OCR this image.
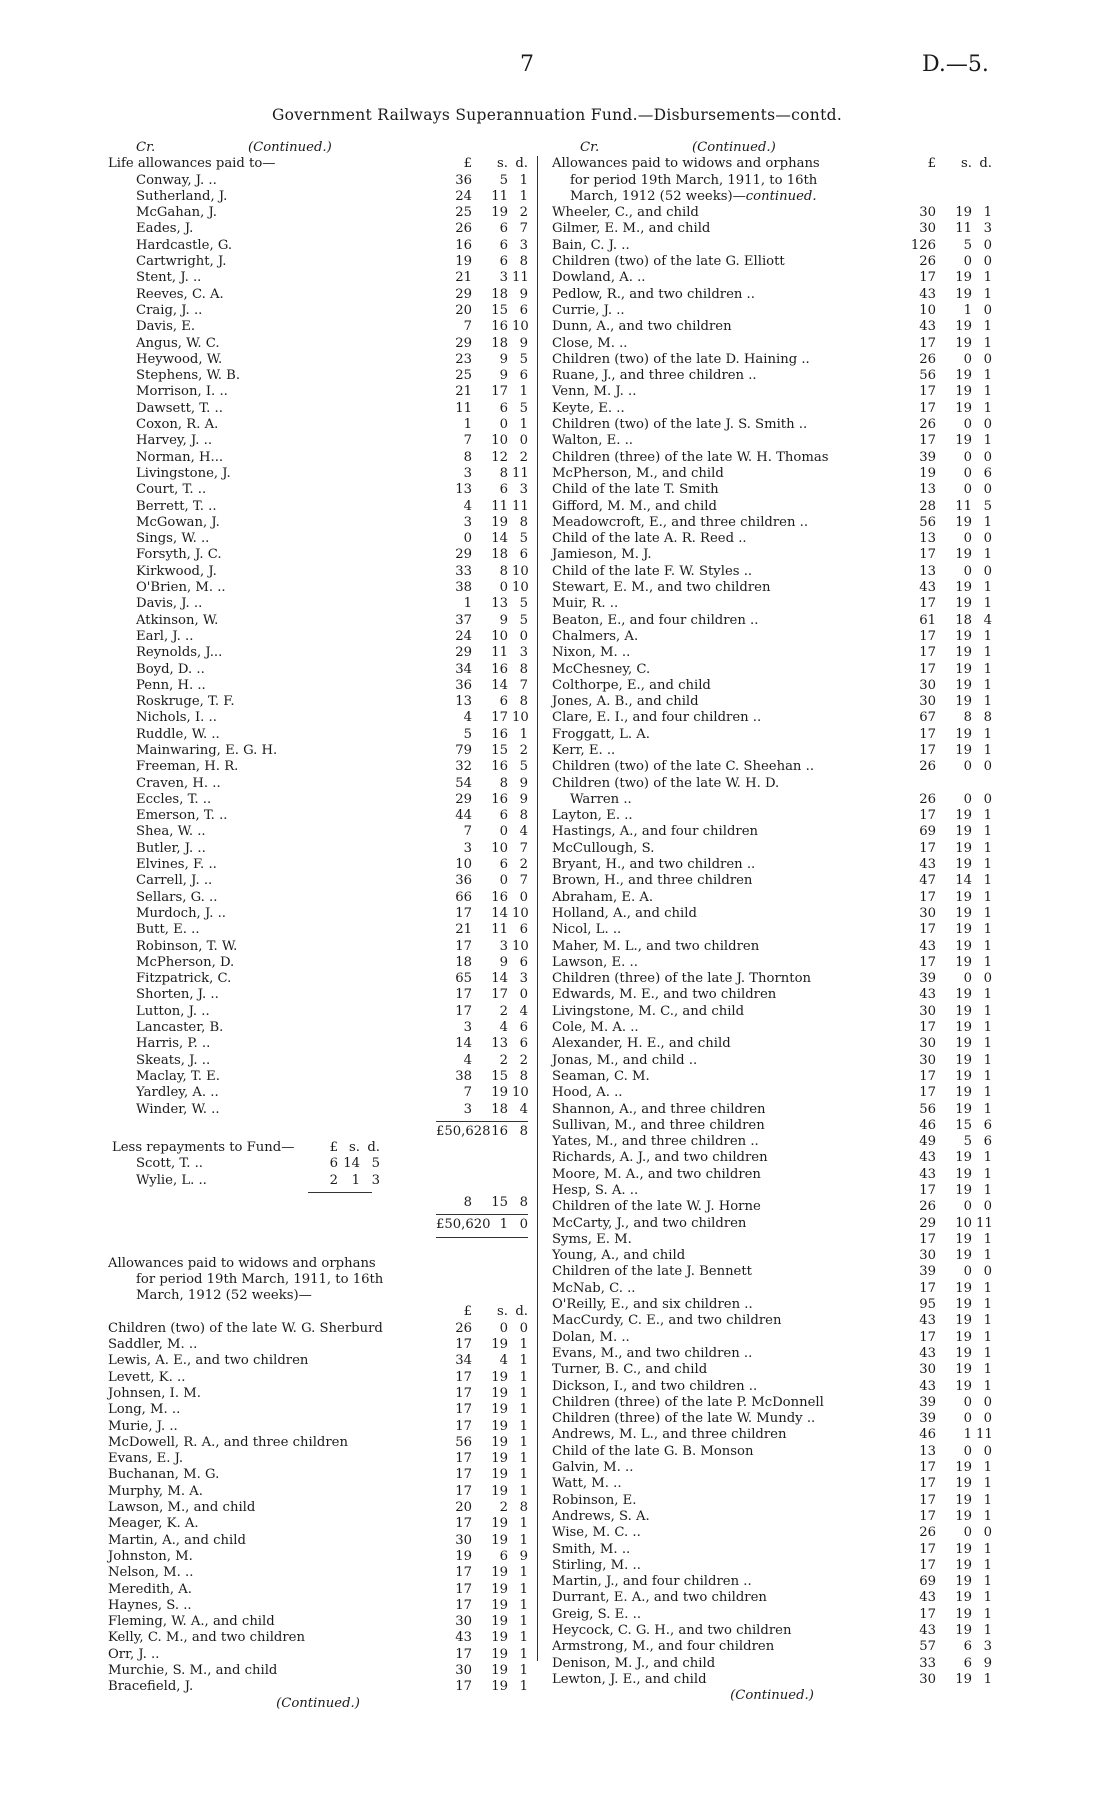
7	D.—5.
Government Railways Superannuation Fund.—Disbursements—contd.
Cr.	(Continued.)
Life allowances paid to—	£	s. d.
Conway, J. ..	36	5 1
Sutherland, J.	24	11 1
McGahan, J.	25	19 2
Eades, J.	26	6 7
Hardcastle, G.	16	6 3
Cartwright, J.	19	6 8
Stent, J. ..	21	3 11
Reeves, C. A.	29	18 9
Craig, J. ..	20	15 6
Davis, E.	7	16 10
Angus, W. C.	29	18 9
Heywood, W.	23	9 5
Stephens, W. B.	25	9 6
Morrison, I. ..	21	17 1
Dawsett, T. ..	11	6 5
Coxon, R. A.	1	0 1
Harvey, J. ..	7	10 0
Norman, H...	8	12 2
Livingstone, J.	3	8 11
Court, T. ..	13	6 3
Berrett, T. ..	4	11 11
McGowan, J.	3	19 8
Sings, W. ..	0	14 5
Forsyth, J. C.	29	18 6
Kirkwood, J.	33	8 10
O'Brien, M. ..	38	0 10
Davis, J. ..	1	13 5
Atkinson, W.	37	9 5
Earl, J. ..	24	10 0
Reynolds, J...	29	11 3
Boyd, D. ..	34	16 8
Penn, H. ..	36	14 7
Roskruge, T. F.	13	6 8
Nichols, I. ..	4	17 10
Ruddle, W. ..	5	16 1
Mainwaring, E. G. H.	79	15 2
Freeman, H. R.	32	16 5
Craven, H. ..	54	8 9
Eccles, T. ..	29	16 9
Emerson, T. ..	44	6 8
Shea, W. ..	7	0 4
Butler, J. ..	3	10 7
Elvines, F. ..	10	6 2
Carrell, J. ..	36	0 7
Sellars, G. ..	66	16 0
Murdoch, J. ..	17	14 10
Butt, E. ..	21	11 6
Robinson, T. W.	17	3 10
McPherson, D.	18	9 6
Fitzpatrick, C.	65	14 3
Shorten, J. ..	17	17 0
Lutton, J. ..	17	2 4
Lancaster, B.	3	4 6
Harris, P. ..	14	13 6
Skeats, J. ..	4	2 2
Maclay, T. E.	38	15 8
Yardley, A. ..	7	19 10
Winder, W. ..	3	18 4
£50,628 16 8
Less repayments to Fund—	£ s. d.
Scott, T. ..	6 14 5
Wylie, L. ..	2 1 3
8	15 8
£50,620 1 0
Allowances paid to widows and orphans
for period 19th March, 1911, to 16th
March, 1912 (52 weeks)—
£	s. d.
Children (two) of the late W. G. Sherburd	26	0 0
Saddler, M. ..	17	19 1
Lewis, A. E., and two children	34	4 1
Levett, K. ..	17	19 1
Johnsen, I. M.	17	19 1
Long, M. ..	17	19 1
Murie, J. ..	17	19 1
McDowell, R. A., and three children	56	19 1
Evans, E. J.	17	19 1
Buchanan, M. G.	17	19 1
Murphy, M. A.	17	19 1
Lawson, M., and child	20	2 8
Meager, K. A.	17	19 1
Martin, A., and child	30	19 1
Johnston, M.	19	6 9
Nelson, M. ..	17	19 1
Meredith, A.	17	19 1
Haynes, S. ..	17	19 1
Fleming, W. A., and child	30	19 1
Kelly, C. M., and two children	43	19 1
Orr, J. ..	17	19 1
Murchie, S. M., and child	30	19 1
Bracefield, J.	17	19 1
(Continued.)
Cr.	(Continued.)
Allowances paid to widows and orphans	£	s. d.
for period 19th March, 1911, to 16th
March, 1912 (52 weeks)—continued.
Wheeler, C., and child	30	19 1
Gilmer, E. M., and child	30	11 3
Bain, C. J. ..	126	5 0
Children (two) of the late G. Elliott	26	0 0
Dowland, A. ..	17	19 1
Pedlow, R., and two children ..	43	19 1
Currie, J. ..	10	1 0
Dunn, A., and two children	43	19 1
Close, M. ..	17	19 1
Children (two) of the late D. Haining ..	26	0 0
Ruane, J., and three children ..	56	19 1
Venn, M. J. ..	17	19 1
Keyte, E. ..	17	19 1
Children (two) of the late J. S. Smith ..	26	0 0
Walton, E. ..	17	19 1
Children (three) of the late W. H. Thomas	39	0 0
McPherson, M., and child	19	0 6
Child of the late T. Smith	13	0 0
Gifford, M. M., and child	28	11 5
Meadowcroft, E., and three children ..	56	19 1
Child of the late A. R. Reed ..	13	0 0
Jamieson, M. J.	17	19 1
Child of the late F. W. Styles ..	13	0 0
Stewart, E. M., and two children	43	19 1
Muir, R. ..	17	19 1
Beaton, E., and four children ..	61	18 4
Chalmers, A.	17	19 1
Nixon, M. ..	17	19 1
McChesney, C.	17	19 1
Colthorpe, E., and child	30	19 1
Jones, A. B., and child	30	19 1
Clare, E. I., and four children ..	67	8 8
Froggatt, L. A.	17	19 1
Kerr, E. ..	17	19 1
Children (two) of the late C. Sheehan ..	26	0 0
Children (two) of the late W. H. D.
Warren ..	26	0 0
Layton, E. ..	17	19 1
Hastings, A., and four children	69	19 1
McCullough, S.	17	19 1
Bryant, H., and two children ..	43	19 1
Brown, H., and three children	47	14 1
Abraham, E. A.	17	19 1
Holland, A., and child	30	19 1
Nicol, L. ..	17	19 1
Maher, M. L., and two children	43	19 1
Lawson, E. ..	17	19 1
Children (three) of the late J. Thornton	39	0 0
Edwards, M. E., and two children	43	19 1
Livingstone, M. C., and child	30	19 1
Cole, M. A. ..	17	19 1
Alexander, H. E., and child	30	19 1
Jonas, M., and child ..	30	19 1
Seaman, C. M.	17	19 1
Hood, A. ..	17	19 1
Shannon, A., and three children	56	19 1
Sullivan, M., and three children	46	15 6
Yates, M., and three children ..	49	5 6
Richards, A. J., and two children	43	19 1
Moore, M. A., and two children	43	19 1
Hesp, S. A. ..	17	19 1
Children of the late W. J. Horne	26	0 0
McCarty, J., and two children	29	10 11
Syms, E. M.	17	19 1
Young, A., and child	30	19 1
Children of the late J. Bennett	39	0 0
McNab, C. ..	17	19 1
O'Reilly, E., and six children ..	95	19 1
MacCurdy, C. E., and two children	43	19 1
Dolan, M. ..	17	19 1
Evans, M., and two children ..	43	19 1
Turner, B. C., and child	30	19 1
Dickson, I., and two children ..	43	19 1
Children (three) of the late P. McDonnell	39	0 0
Children (three) of the late W. Mundy ..	39	0 0
Andrews, M. L., and three children	46	1 11
Child of the late G. B. Monson	13	0 0
Galvin, M. ..	17	19 1
Watt, M. ..	17	19 1
Robinson, E.	17	19 1
Andrews, S. A.	17	19 1
Wise, M. C. ..	26	0 0
Smith, M. ..	17	19 1
Stirling, M. ..	17	19 1
Martin, J., and four children ..	69	19 1
Durrant, E. A., and two children	43	19 1
Greig, S. E. ..	17	19 1
Heycock, C. G. H., and two children	43	19 1
Armstrong, M., and four children	57	6 3
Denison, M. J., and child	33	6 9
Lewton, J. E., and child	30	19 1
(Continued.)
